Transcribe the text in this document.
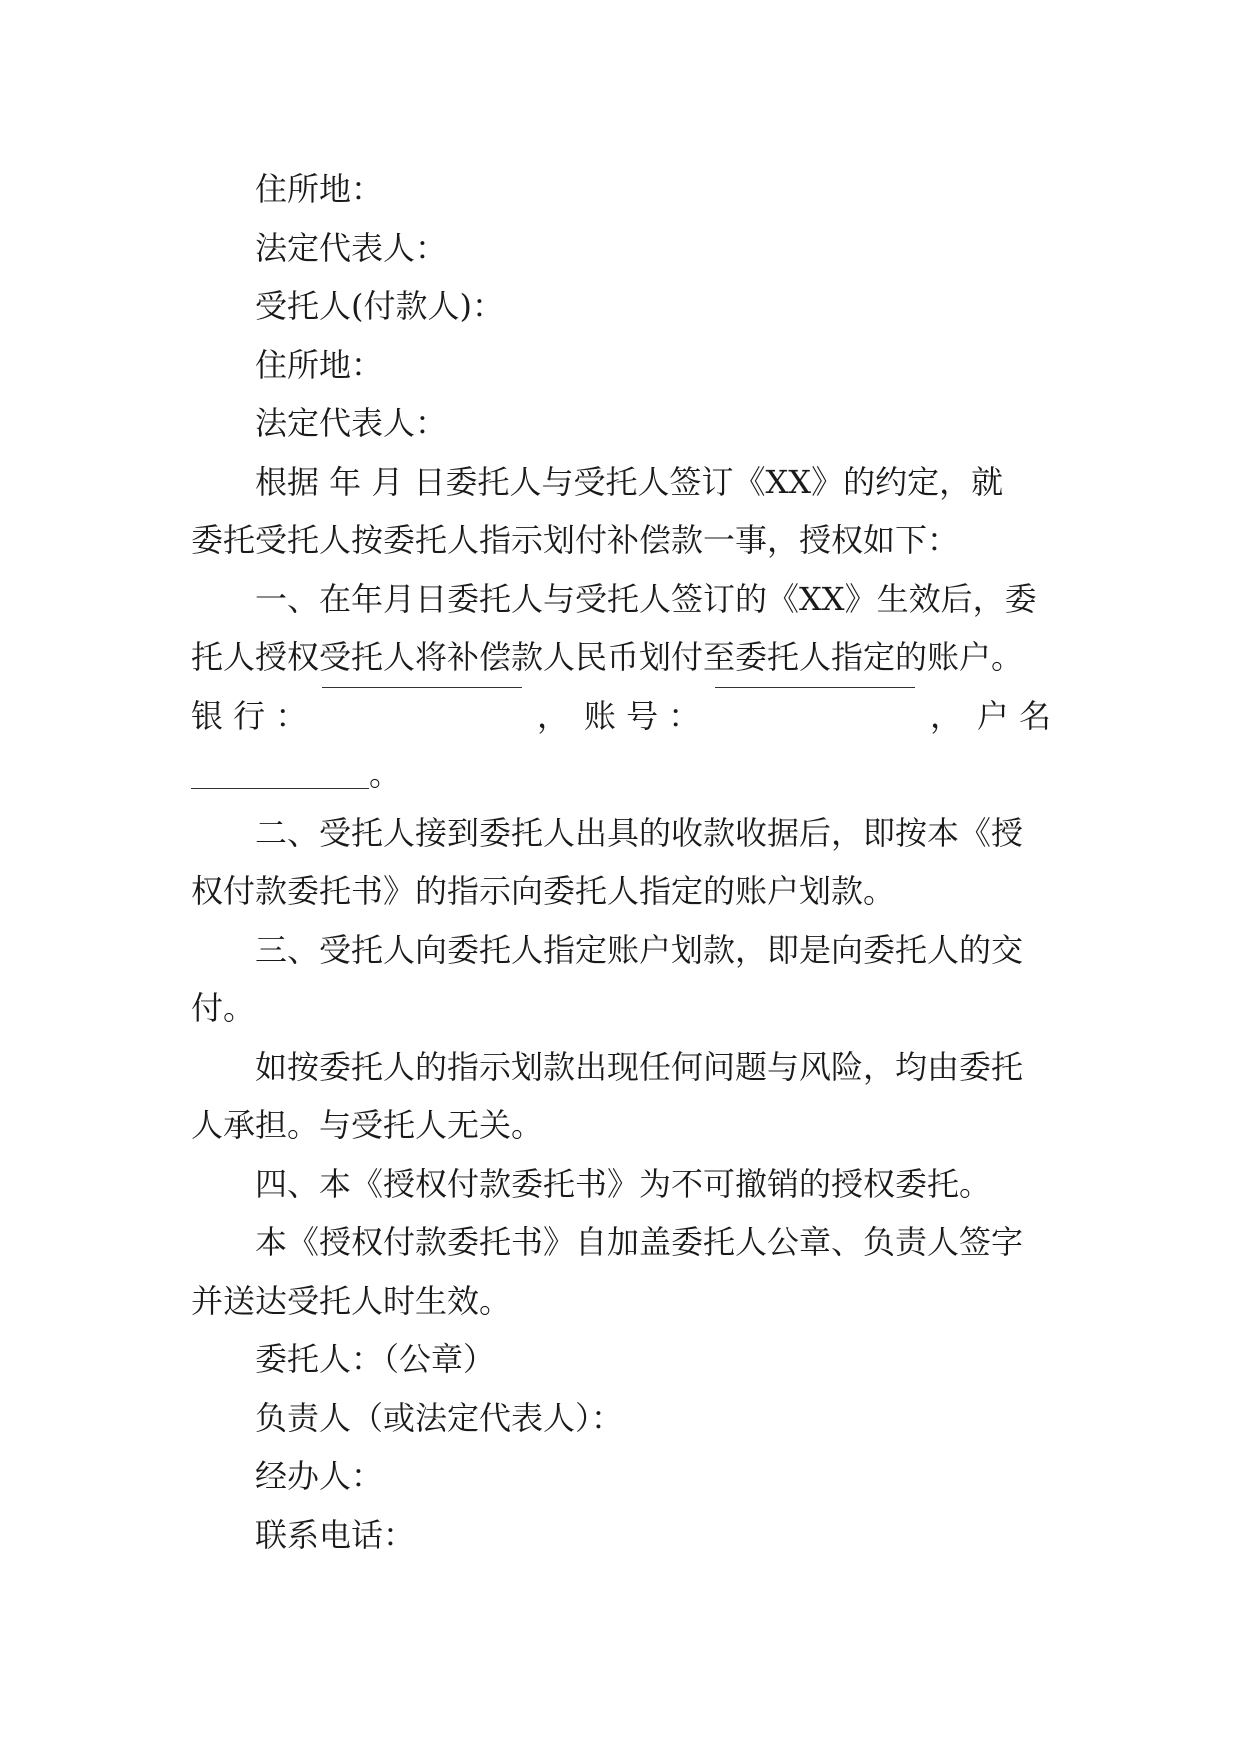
住所地：
法定代表人：
受托人(付款人)：
住所地：
法定代表人：
根据 年 月 日委托人与受托人签订《XX》的约定，就
委托受托人按委托人指示划付补偿款一事，授权如下：
一、在年月日委托人与受托人签订的《XX》生效后，委
托人授权受托人将补偿款人民币划付至委托人指定的账户。
银 行 ：	， 账 号 ：	， 户 名
。
二、受托人接到委托人出具的收款收据后，即按本《授
权付款委托书》的指示向委托人指定的账户划款。
三、受托人向委托人指定账户划款，即是向委托人的交
付。
如按委托人的指示划款出现任何问题与风险，均由委托
人承担。与受托人无关。
四、本《授权付款委托书》为不可撤销的授权委托。
本《授权付款委托书》自加盖委托人公章、负责人签字
并送达受托人时生效。
委托人：（公章）
负责人（或法定代表人）：
经办人：
联系电话：
